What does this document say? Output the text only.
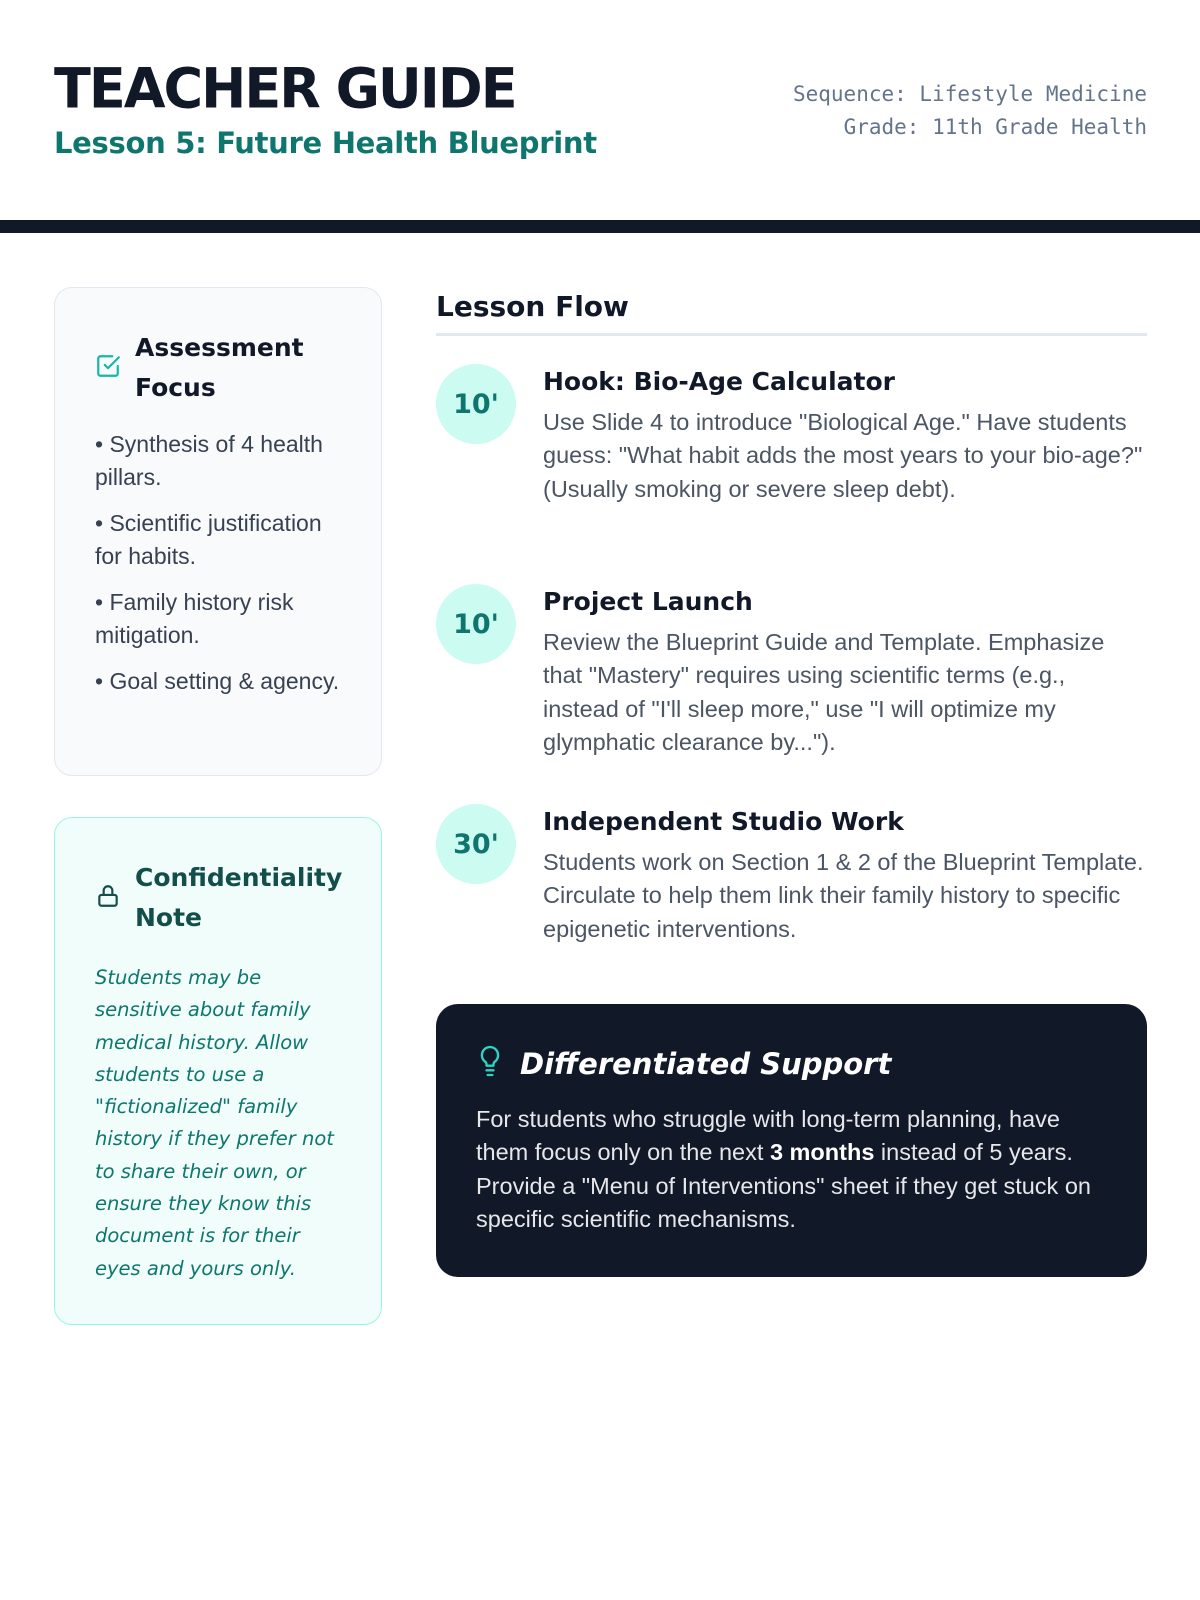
TEACHER GUIDE
Lesson 5: Future Health Blueprint
Sequence: Lifestyle Medicine
Grade: 11th Grade Health
Assessment Focus
• Synthesis of 4 health pillars.
• Scientific justification for habits.
• Family history risk mitigation.
• Goal setting & agency.
Confidentiality Note

Students may be sensitive about family medical history. Allow students to use a "fictionalized" family history if they prefer not to share their own, or ensure they know this document is for their eyes and yours only.

Lesson Flow
10'
Hook: Bio-Age Calculator
Use Slide 4 to introduce "Biological Age." Have students guess: "What habit adds the most years to your bio-age?" (Usually smoking or severe sleep debt).
10'
Project Launch
Review the Blueprint Guide and Template. Emphasize that "Mastery" requires using scientific terms (e.g., instead of "I'll sleep more," use "I will optimize my glymphatic clearance by...").
30'
Independent Studio Work
Students work on Section 1 & 2 of the Blueprint Template. Circulate to help them link their family history to specific epigenetic interventions.
Differentiated Support

For students who struggle with long-term planning, have them focus only on the next 3 months instead of 5 years. Provide a "Menu of Interventions" sheet if they get stuck on specific scientific mechanisms.
